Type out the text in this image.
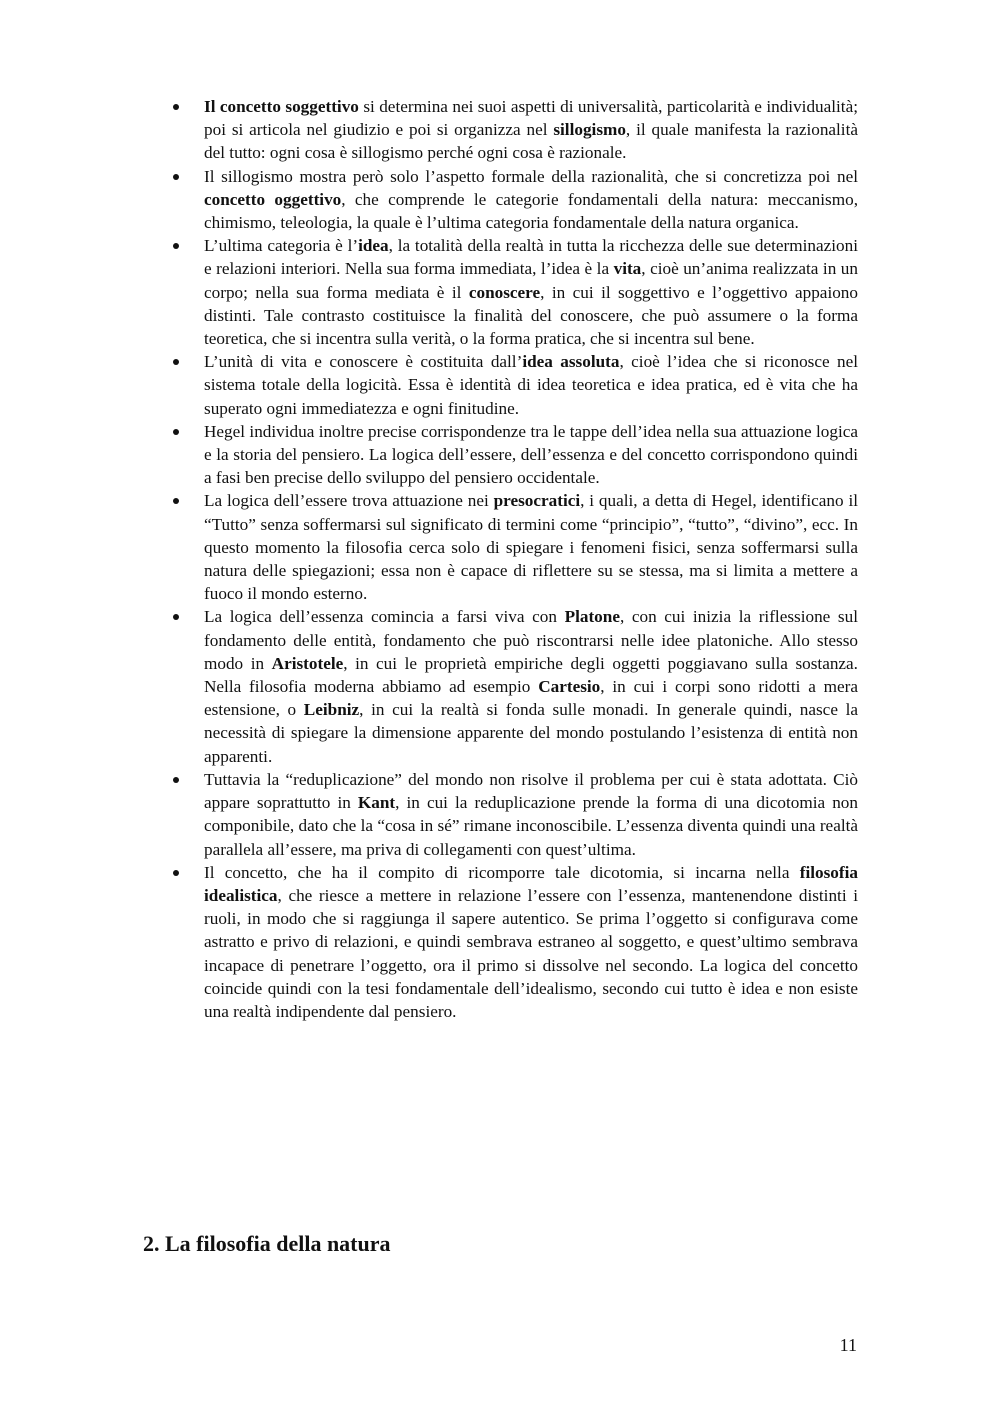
Il concetto soggettivo si determina nei suoi aspetti di universalità, particolarità e individualità; poi si articola nel giudizio e poi si organizza nel sillogismo, il quale manifesta la razionalità del tutto: ogni cosa è sillogismo perché ogni cosa è razionale.
Il sillogismo mostra però solo l’aspetto formale della razionalità, che si concretizza poi nel concetto oggettivo, che comprende le categorie fondamentali della natura: meccanismo, chimismo, teleologia, la quale è l’ultima categoria fondamentale della natura organica.
L’ultima categoria è l’idea, la totalità della realtà in tutta la ricchezza delle sue determinazioni e relazioni interiori. Nella sua forma immediata, l’idea è la vita, cioè un’anima realizzata in un corpo; nella sua forma mediata è il conoscere, in cui il soggettivo e l’oggettivo appaiono distinti. Tale contrasto costituisce la finalità del conoscere, che può assumere o la forma teoretica, che si incentra sulla verità, o la forma pratica, che si incentra sul bene.
L’unità di vita e conoscere è costituita dall’idea assoluta, cioè l’idea che si riconosce nel sistema totale della logicità. Essa è identità di idea teoretica e idea pratica, ed è vita che ha superato ogni immediatezza e ogni finitudine.
Hegel individua inoltre precise corrispondenze tra le tappe dell’idea nella sua attuazione logica e la storia del pensiero. La logica dell’essere, dell’essenza e del concetto corrispondono quindi a fasi ben precise dello sviluppo del pensiero occidentale.
La logica dell’essere trova attuazione nei presocratici, i quali, a detta di Hegel, identificano il “Tutto” senza soffermarsi sul significato di termini come “principio”, “tutto”, “divino”, ecc. In questo momento la filosofia cerca solo di spiegare i fenomeni fisici, senza soffermarsi sulla natura delle spiegazioni; essa non è capace di riflettere su se stessa, ma si limita a mettere a fuoco il mondo esterno.
La logica dell’essenza comincia a farsi viva con Platone, con cui inizia la riflessione sul fondamento delle entità, fondamento che può riscontrarsi nelle idee platoniche. Allo stesso modo in Aristotele, in cui le proprietà empiriche degli oggetti poggiavano sulla sostanza. Nella filosofia moderna abbiamo ad esempio Cartesio, in cui i corpi sono ridotti a mera estensione, o Leibniz, in cui la realtà si fonda sulle monadi. In generale quindi, nasce la necessità di spiegare la dimensione apparente del mondo postulando l’esistenza di entità non apparenti.
Tuttavia la “reduplicazione” del mondo non risolve il problema per cui è stata adottata. Ciò appare soprattutto in Kant, in cui la reduplicazione prende la forma di una dicotomia non componibile, dato che la “cosa in sé” rimane inconoscibile. L’essenza diventa quindi una realtà parallela all’essere, ma priva di collegamenti con quest’ultima.
Il concetto, che ha il compito di ricomporre tale dicotomia, si incarna nella filosofia idealistica, che riesce a mettere in relazione l’essere con l’essenza, mantenendone distinti i ruoli, in modo che si raggiunga il sapere autentico. Se prima l’oggetto si configurava come astratto e privo di relazioni, e quindi sembrava estraneo al soggetto, e quest’ultimo sembrava incapace di penetrare l’oggetto, ora il primo si dissolve nel secondo. La logica del concetto coincide quindi con la tesi fondamentale dell’idealismo, secondo cui tutto è idea e non esiste una realtà indipendente dal pensiero.
2. La filosofia della natura
11
